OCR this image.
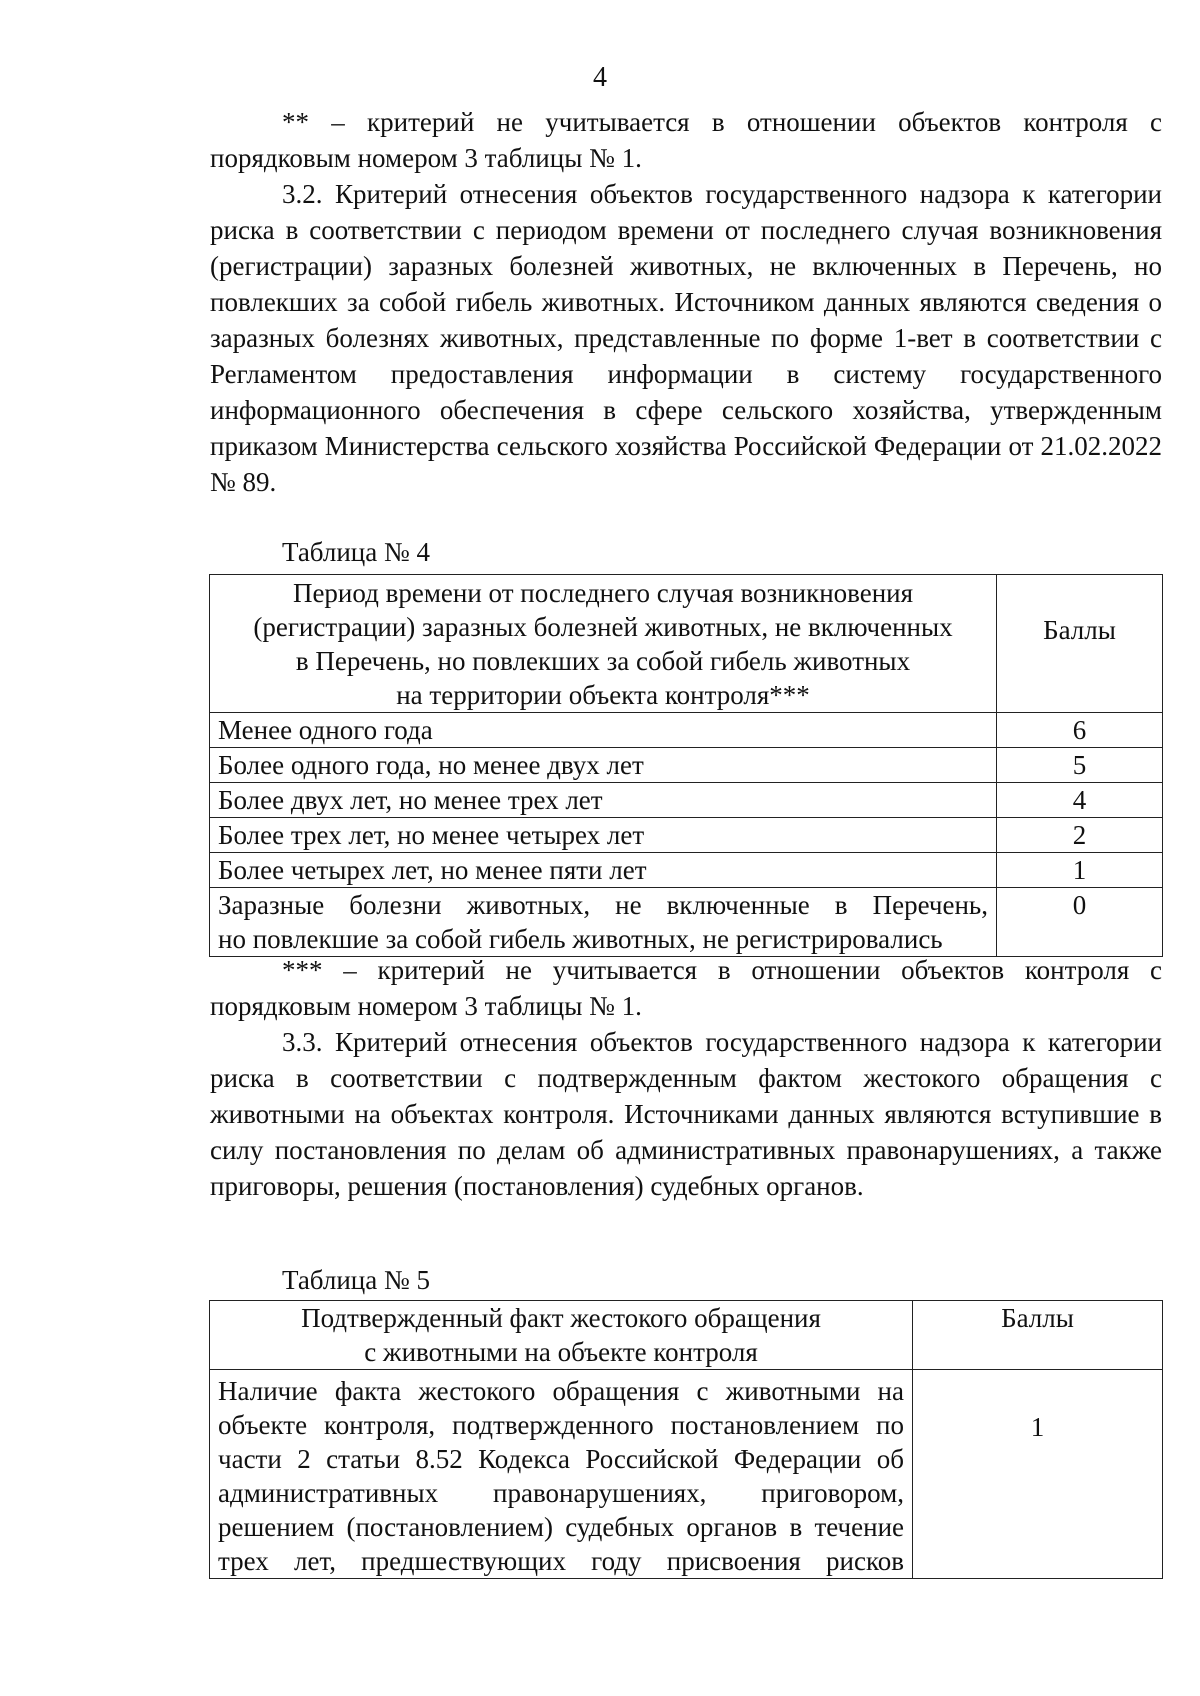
4

** – критерий не учитывается в отношении объектов контроля с порядковым номером 3 таблицы № 1.

3.2. Критерий отнесения объектов государственного надзора к категории риска в соответствии с периодом времени от последнего случая возникновения (регистрации) заразных болезней животных, не включенных в Перечень, но повлекших за собой гибель животных. Источником данных являются сведения о заразных болезнях животных, представленные по форме 1-вет в соответствии с Регламентом предоставления информации в систему государственного информационного обеспечения в сфере сельского хозяйства, утвержденным приказом Министерства сельского хозяйства Российской Федерации от 21.02.2022 № 89.

Таблица № 4

Период времени от последнего случая возникновения
(регистрации) заразных болезней животных, не включенных
в Перечень, но повлекших за собой гибель животных
на территории объекта контроля***	Баллы
Менее одного года	6
Более одного года, но менее двух лет	5
Более двух лет, но менее трех лет	4
Более трех лет, но менее четырех лет	2
Более четырех лет, но менее пяти лет	1

Заразные болезни животных, не включенные в Перечень,
но повлекшие за собой гибель животных, не регистрировались	0

*** – критерий не учитывается в отношении объектов контроля с порядковым номером 3 таблицы № 1.

3.3. Критерий отнесения объектов государственного надзора к категории риска в соответствии с подтвержденным фактом жестокого обращения с животными на объектах контроля. Источниками данных являются вступившие в силу постановления по делам об административных правонарушениях, а также приговоры, решения (постановления) судебных органов.

Таблица № 5

Подтвержденный факт жестокого обращения
с животными на объекте контроля	Баллы
Наличие факта жестокого обращения с животными на объекте контроля, подтвержденного постановлением по части 2 статьи 8.52 Кодекса Российской Федерации об административных правонарушениях, приговором, решением (постановлением) судебных органов в течение трех лет, предшествующих году присвоения рисков	1
